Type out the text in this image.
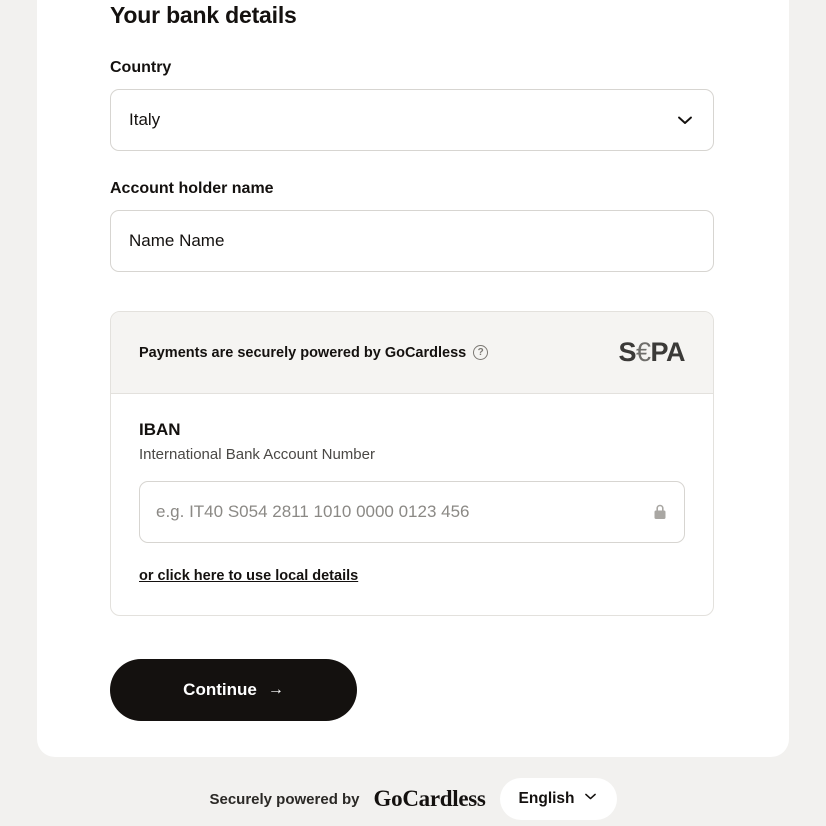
Your bank details
Country
Italy
Account holder name
Name Name
Payments are securely powered by GoCardless	?	S€PA
IBAN
International Bank Account Number
e.g. IT40 S054 2811 1010 0000 0123 456
or click here to use local details
Continue →
Securely powered by GoCardless English
